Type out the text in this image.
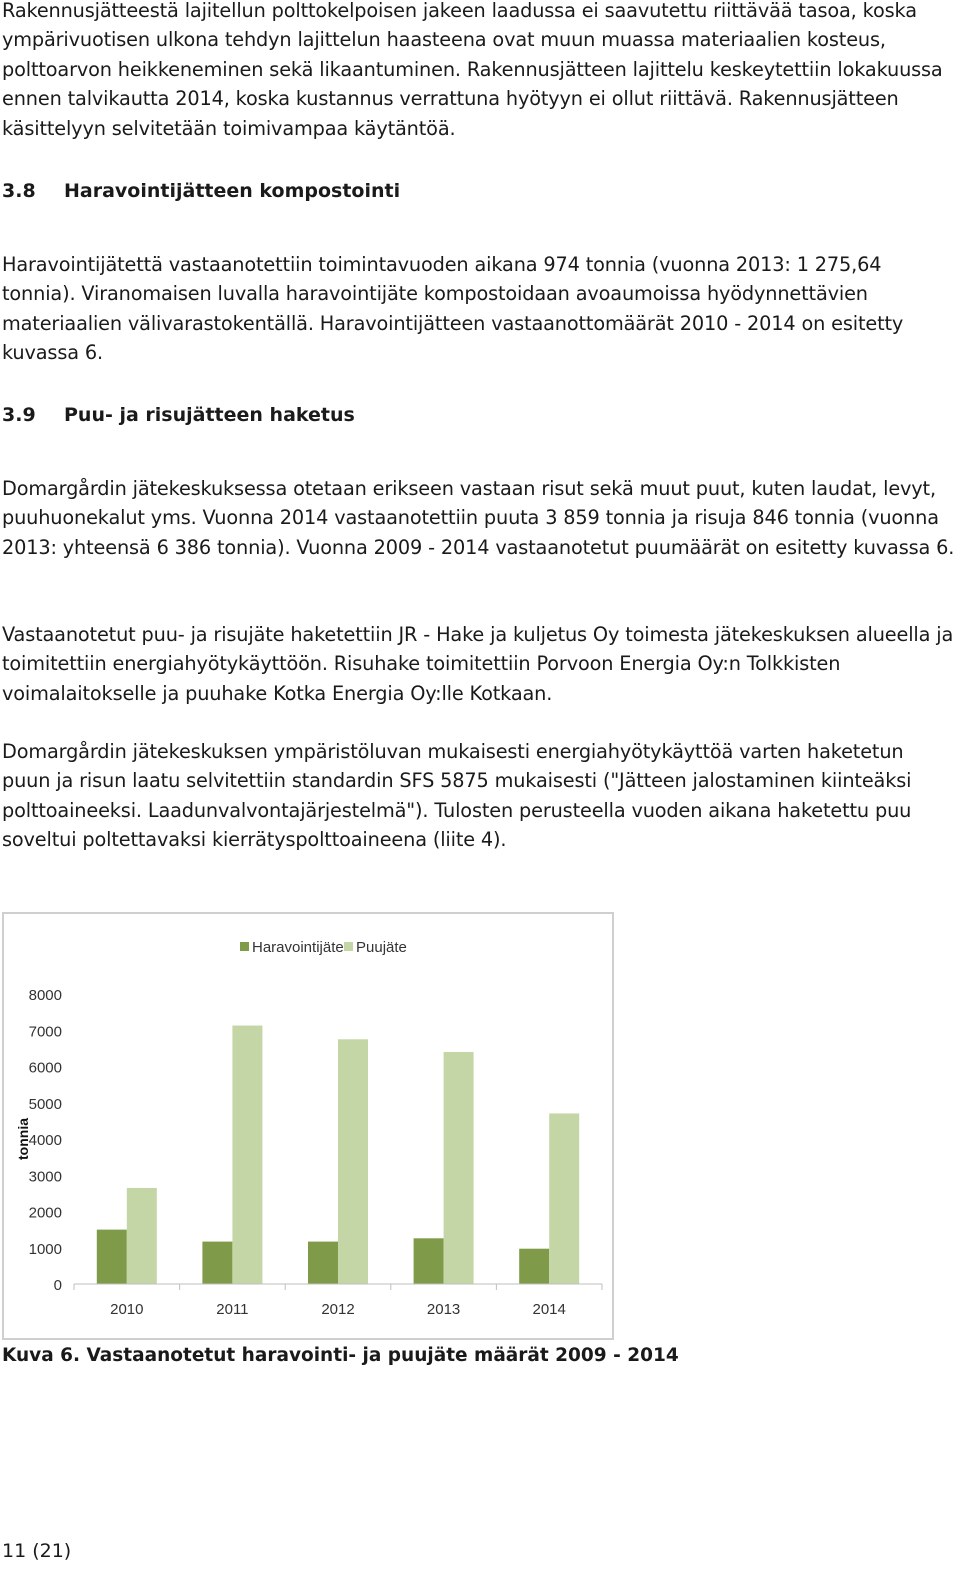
Rakennusjätteestä lajitellun polttokelpoisen jakeen laadussa ei saavutettu riittävää tasoa, koska ympärivuotisen ulkona tehdyn lajittelun haasteena ovat muun muassa materiaalien kosteus, polttoarvon heikkeneminen sekä likaantuminen. Rakennusjätteen lajittelu keskeytettiin lokakuussa ennen talvikautta 2014, koska kustannus verrattuna hyötyyn ei ollut riittävä. Rakennusjätteen käsittelyyn selvitetään toimivampaa käytäntöä.

3.8 Haravointijätteen kompostointi

Haravointijätettä vastaanotettiin toimintavuoden aikana 974 tonnia (vuonna 2013: 1 275,64 tonnia). Viranomaisen luvalla haravointijäte kompostoidaan avoaumoissa hyödynnettävien materiaalien välivarastokentällä. Haravointijätteen vastaanottomäärät 2010 - 2014 on esitetty kuvassa 6.

3.9 Puu- ja risujätteen haketus

Domargårdin jätekeskuksessa otetaan erikseen vastaan risut sekä muut puut, kuten laudat, levyt, puuhuonekalut yms. Vuonna 2014 vastaanotettiin puuta 3 859 tonnia ja risuja 846 tonnia (vuonna 2013: yhteensä 6 386 tonnia). Vuonna 2009 - 2014 vastaanotetut puumäärät on esitetty kuvassa 6.

Vastaanotetut puu- ja risujäte haketettiin JR - Hake ja kuljetus Oy toimesta jätekeskuksen alueella ja toimitettiin energiahyötykäyttöön. Risuhake toimitettiin Porvoon Energia Oy:n Tolkkisten voimalaitokselle ja puuhake Kotka Energia Oy:lle Kotkaan.

Domargårdin jätekeskuksen ympäristöluvan mukaisesti energiahyötykäyttöä varten haketetun puun ja risun laatu selvitettiin standardin SFS 5875 mukaisesti ("Jätteen jalostaminen kiinteäksi polttoaineeksi. Laadunvalvontajärjestelmä"). Tulosten perusteella vuoden aikana haketettu puu soveltui poltettavaksi kierrätyspolttoaineena (liite 4).

Haravointijäte Puujäte
0
1000
2000
3000
4000
5000
6000
7000
8000
tonnia
2010	2011	2012	2013	2014
Kuva 6. Vastaanotetut haravointi- ja puujäte määrät 2009 - 2014
11 (21)
